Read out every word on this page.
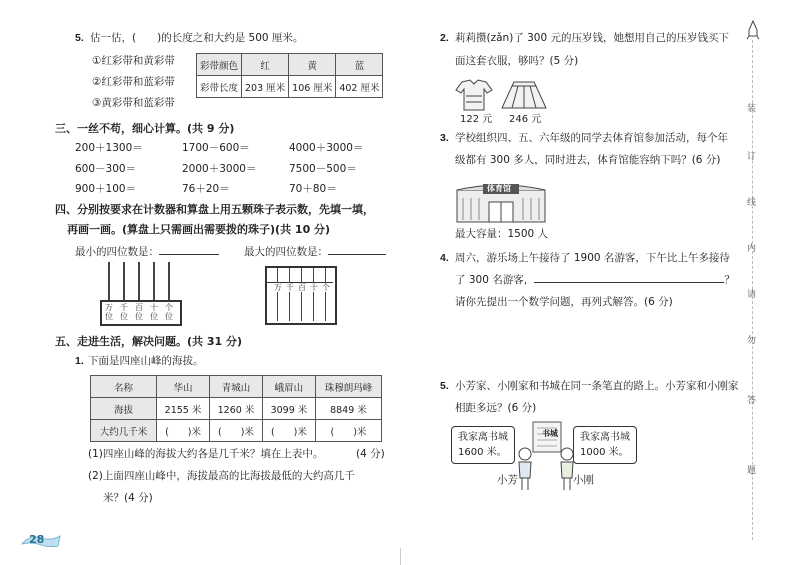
5. 估一估，(　　)的长度之和大约是 500 厘米。
①红彩带和黄彩带
②红彩带和蓝彩带
③黄彩带和蓝彩带
彩带颜色	红	黄	蓝
彩带长度	203 厘米	106 厘米	402 厘米
三、一丝不苟，细心计算。(共 9 分)
200＋1300＝	1700－600＝	4000＋3000＝
600－300＝	2000＋3000＝	7500－500＝
900＋100＝	76＋20＝	70＋80＝
四、分别按要求在计数器和算盘上用五颗珠子表示数，先填一填，
再画一画。(算盘上只需画出需要拨的珠子)(共 10 分)
最小的四位数是：	最大的四位数是：
万位
千位
百位
十位
个位
万 千 百 十 个
五、走进生活，解决问题。(共 31 分)
1. 下面是四座山峰的海拔。
名称	华山	青城山	峨眉山	珠穆朗玛峰
海拔	2155 米	1260 米	3099 米	8849 米
大约几千米	(　　)米	(　　)米	(　　)米	(　　)米
(1)四座山峰的海拔大约各是几千米？填在上表中。	(4 分)
(2)上面四座山峰中，海拔最高的比海拔最低的大约高几千
米？(4 分)
28
2. 莉莉攒(zǎn)了 300 元的压岁钱，她想用自己的压岁钱买下
面这套衣服，够吗？(5 分)
122 元 246 元
3. 学校组织四、五、六年级的同学去体育馆参加活动，每个年
级都有 300 多人，同时进去，体育馆能容纳下吗？(6 分)
体育馆
最大容量：1500 人
4. 周六，游乐场上午接待了 1900 名游客，下午比上午多接待
了 300 名游客，	？
请你先提出一个数学问题，再列式解答。(6 分)
5. 小芳家、小刚家和书城在同一条笔直的路上。小芳家和小刚家
相距多远？(6 分)
我家离书城
1600 米。
我家离书城
1000 米。
书城
小芳	小刚
装
订
线
内
请
勿
答
题
